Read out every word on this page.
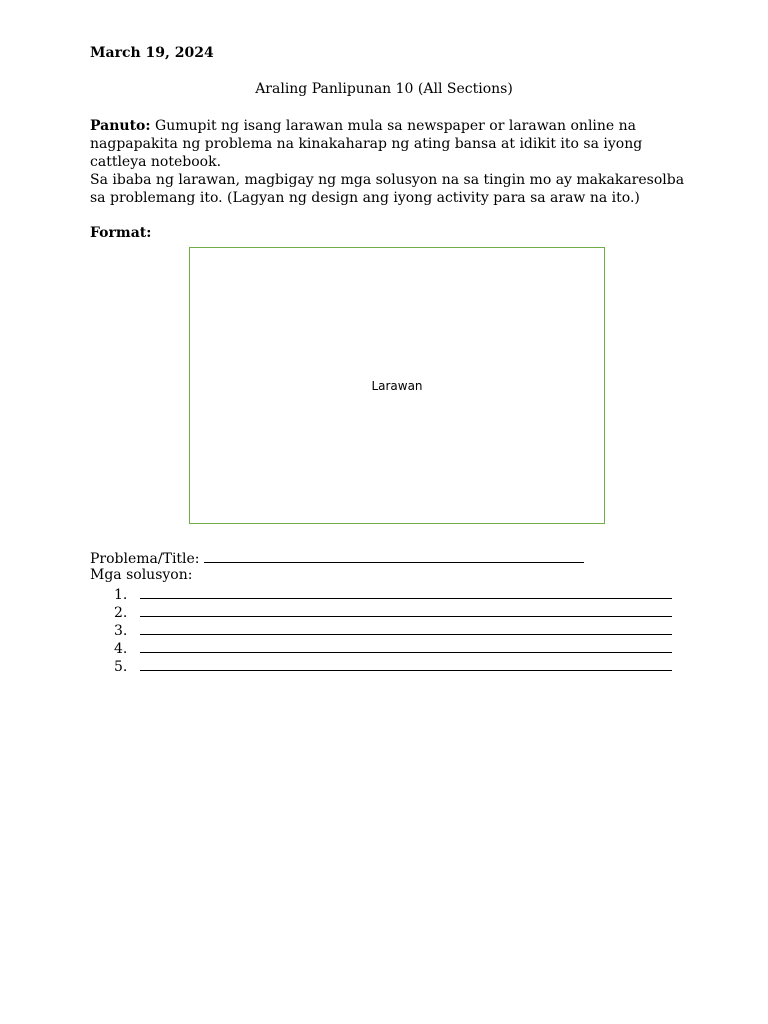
March 19, 2024
Araling Panlipunan 10 (All Sections)

Panuto: Gumupit ng isang larawan mula sa newspaper or larawan online na nagpapakita ng problema na kinakaharap ng ating bansa at idikit ito sa iyong cattleya notebook.

Sa ibaba ng larawan, magbigay ng mga solusyon na sa tingin mo ay makakaresolba sa problemang ito. (Lagyan ng design ang iyong activity para sa araw na ito.)

Format:
Larawan
Problema/Title:
Mga solusyon:
1.
2.
3.
4.
5.
